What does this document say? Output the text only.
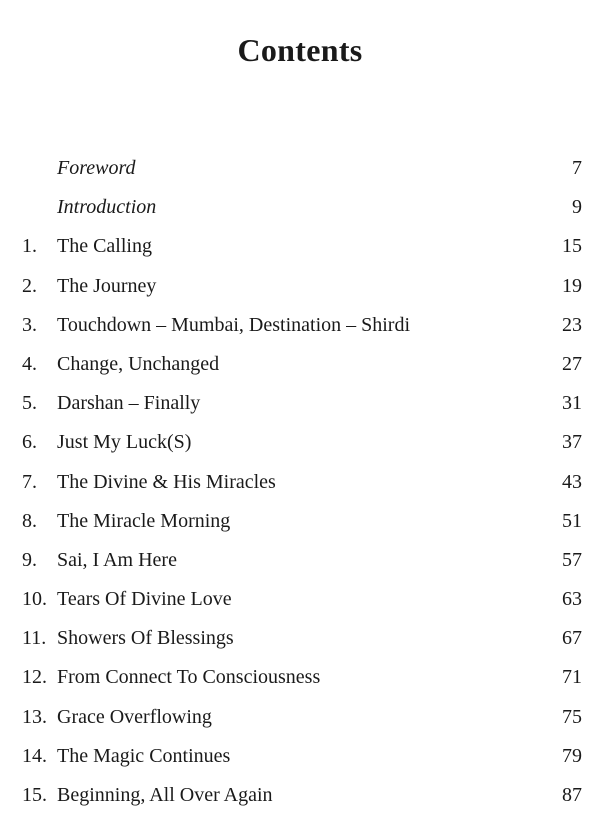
Contents
Foreword	7
Introduction	9
1. The Calling	15
2. The Journey	19
3. Touchdown – Mumbai, Destination – Shirdi	23
4. Change, Unchanged	27
5. Darshan – Finally	31
6. Just My Luck(S)	37
7. The Divine & His Miracles	43
8. The Miracle Morning	51
9. Sai, I Am Here	57
10. Tears Of Divine Love	63
11. Showers Of Blessings	67
12. From Connect To Consciousness	71
13. Grace Overflowing	75
14. The Magic Continues	79
15. Beginning, All Over Again	87
